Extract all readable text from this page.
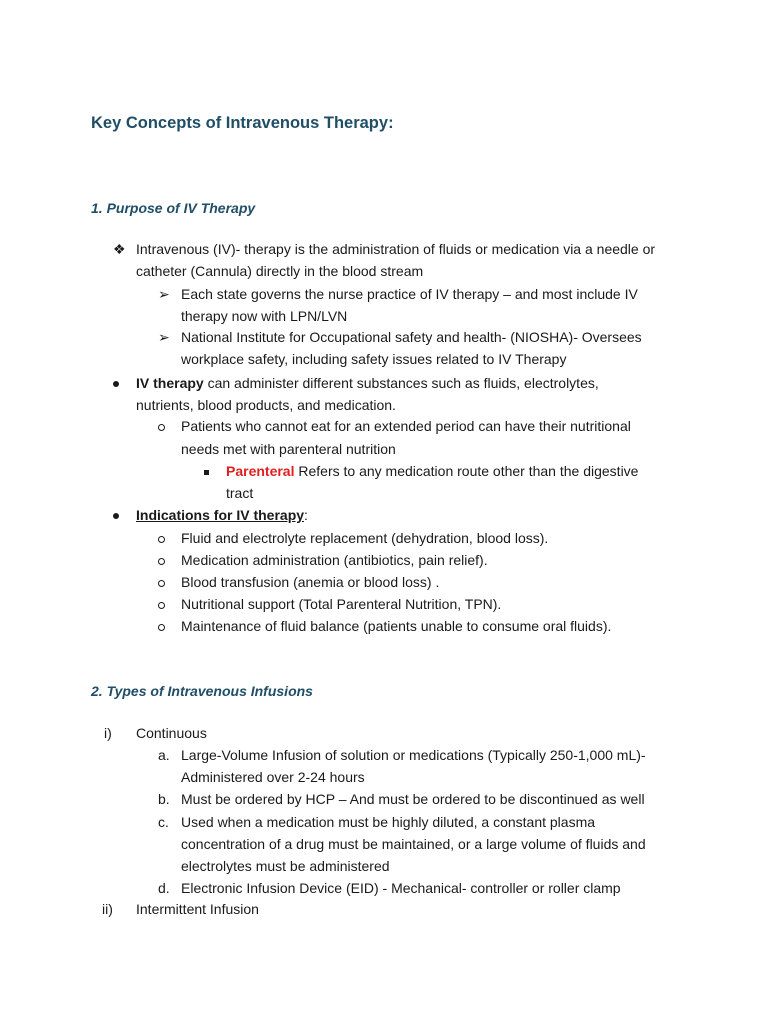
Key Concepts of Intravenous Therapy:
1. Purpose of IV Therapy
❖ Intravenous (IV)- therapy is the administration of fluids or medication via a needle or
catheter (Cannula) directly in the blood stream
➢ Each state governs the nurse practice of IV therapy – and most include IV
therapy now with LPN/LVN
➢ National Institute for Occupational safety and health- (NIOSHA)- Oversees
workplace safety, including safety issues related to IV Therapy
IV therapy can administer different substances such as fluids, electrolytes,
nutrients, blood products, and medication.
Patients who cannot eat for an extended period can have their nutritional
needs met with parenteral nutrition
Parenteral Refers to any medication route other than the digestive
tract
Indications for IV therapy:
Fluid and electrolyte replacement (dehydration, blood loss).
Medication administration (antibiotics, pain relief).
Blood transfusion (anemia or blood loss) .
Nutritional support (Total Parenteral Nutrition, TPN).
Maintenance of fluid balance (patients unable to consume oral fluids).
2. Types of Intravenous Infusions
i) Continuous
a. Large-Volume Infusion of solution or medications (Typically 250-1,000 mL)-
Administered over 2-24 hours
b. Must be ordered by HCP – And must be ordered to be discontinued as well
c. Used when a medication must be highly diluted, a constant plasma
concentration of a drug must be maintained, or a large volume of fluids and
electrolytes must be administered
d. Electronic Infusion Device (EID) - Mechanical- controller or roller clamp
ii) Intermittent Infusion
